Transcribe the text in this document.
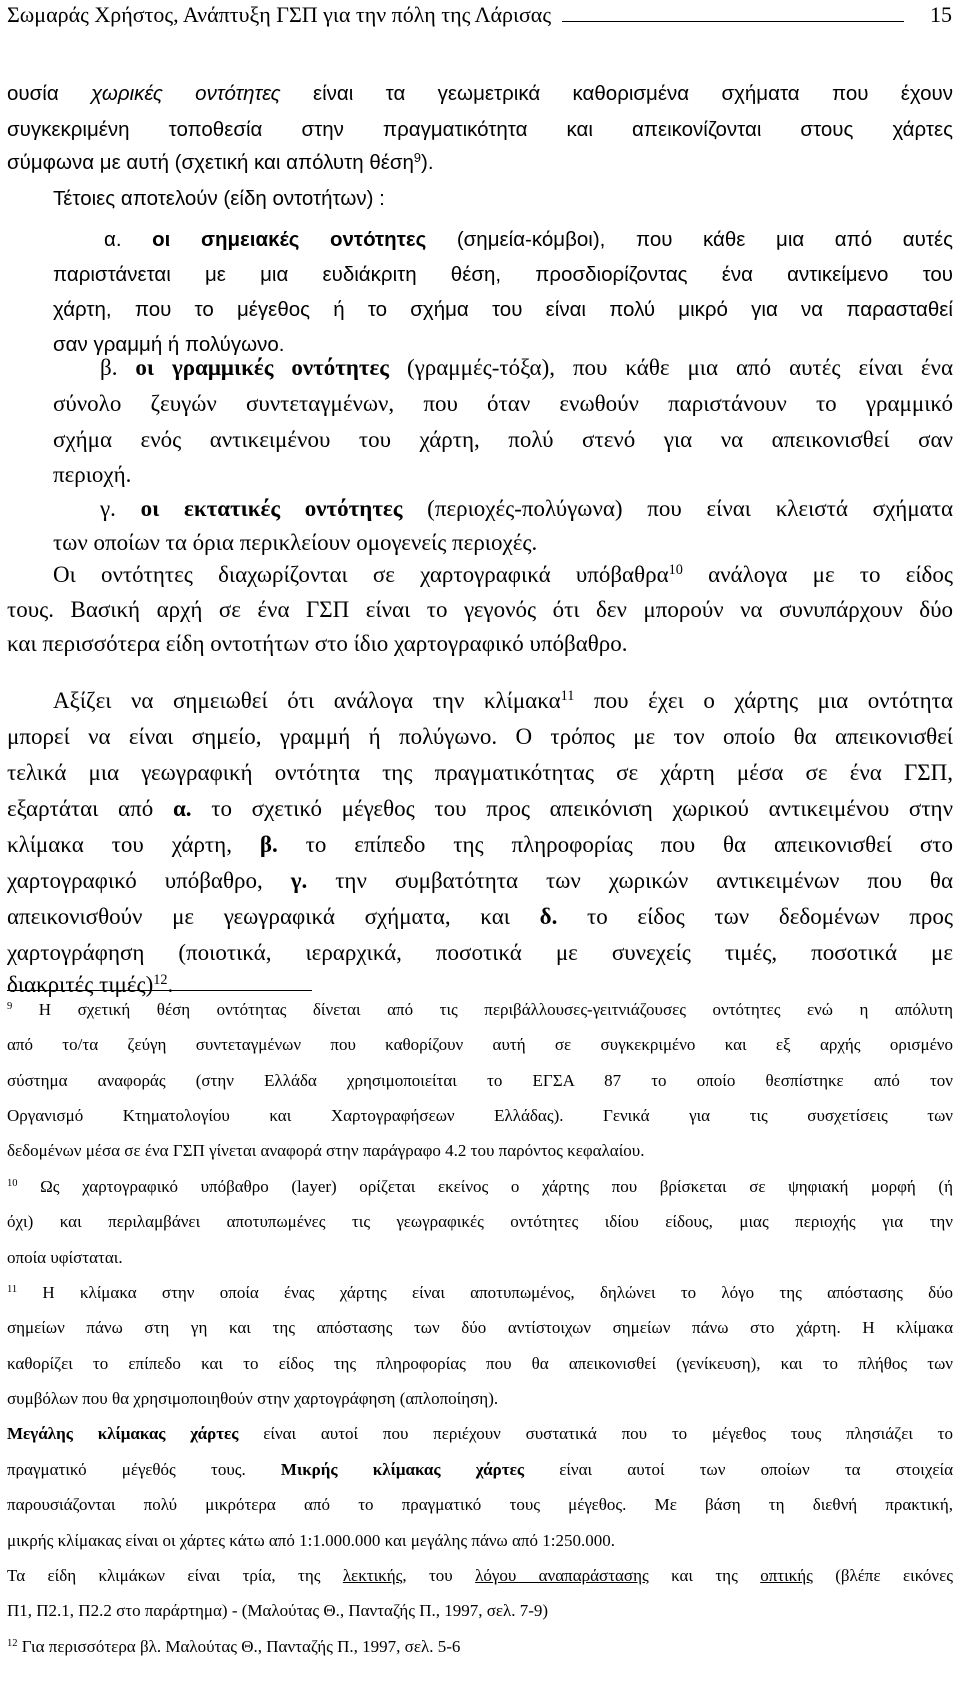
Σωμαράς Χρήστος, Ανάπτυξη ΓΣΠ για την πόλη της Λάρισας	15
ουσία χωρικές οντότητες είναι τα γεωμετρικά καθορισμένα σχήματα που έχουν
συγκεκριμένη τοποθεσία στην πραγματικότητα και απεικονίζονται στους χάρτες
σύμφωνα με αυτή (σχετική και απόλυτη θέση$^9$).
Τέτοιες αποτελούν (είδη οντοτήτων) :
α. οι σημειακές οντότητες (σημεία-κόμβοι), που κάθε μια από αυτές
παριστάνεται με μια ευδιάκριτη θέση, προσδιορίζοντας ένα αντικείμενο του
χάρτη, που το μέγεθος ή το σχήμα του είναι πολύ μικρό για να παρασταθεί
σαν γραμμή ή πολύγωνο.
β. οι γραμμικές οντότητες (γραμμές-τόξα), που κάθε μια από αυτές είναι ένα
σύνολο ζευγών συντεταγμένων, που όταν ενωθούν παριστάνουν το γραμμικό
σχήμα ενός αντικειμένου του χάρτη, πολύ στενό για να απεικονισθεί σαν
περιοχή.
γ. οι εκτατικές οντότητες (περιοχές-πολύγωνα) που είναι κλειστά σχήματα
των οποίων τα όρια περικλείουν ομογενείς περιοχές.
Οι οντότητες διαχωρίζονται σε χαρτογραφικά υπόβαθρα$^{10}$ ανάλογα με το είδος
τους. Βασική αρχή σε ένα ΓΣΠ είναι το γεγονός ότι δεν μπορούν να συνυπάρχουν δύο
και περισσότερα είδη οντοτήτων στο ίδιο χαρτογραφικό υπόβαθρο.
Αξίζει να σημειωθεί ότι ανάλογα την κλίμακα$^{11}$ που έχει ο χάρτης μια οντότητα
μπορεί να είναι σημείο, γραμμή ή πολύγωνο. Ο τρόπος με τον οποίο θα απεικονισθεί
τελικά μια γεωγραφική οντότητα της πραγματικότητας σε χάρτη μέσα σε ένα ΓΣΠ,
εξαρτάται από α. το σχετικό μέγεθος του προς απεικόνιση χωρικού αντικειμένου στην
κλίμακα του χάρτη, β. το επίπεδο της πληροφορίας που θα απεικονισθεί στο
χαρτογραφικό υπόβαθρο, γ. την συμβατότητα των χωρικών αντικειμένων που θα
απεικονισθούν με γεωγραφικά σχήματα, και δ. το είδος των δεδομένων προς
χαρτογράφηση (ποιοτικά, ιεραρχικά, ποσοτικά με συνεχείς τιμές, ποσοτικά με
διακριτές τιμές)$^{12}$.
$^9$ Η σχετική θέση οντότητας δίνεται από τις περιβάλλουσες-γειτνιάζουσες οντότητες ενώ η απόλυτη
από το/τα ζεύγη συντεταγμένων που καθορίζουν αυτή σε συγκεκριμένο και εξ αρχής ορισμένο
σύστημα αναφοράς (στην Ελλάδα χρησιμοποιείται το ΕΓΣΑ 87 το οποίο θεσπίστηκε από τον
Οργανισμό Κτηματολογίου και Χαρτογραφήσεων Ελλάδας). Γενικά για τις συσχετίσεις των
δεδομένων μέσα σε ένα ΓΣΠ γίνεται αναφορά στην παράγραφο 4.2 του παρόντος κεφαλαίου.
$^{10}$ Ως χαρτογραφικό υπόβαθρο (layer) ορίζεται εκείνος ο χάρτης που βρίσκεται σε ψηφιακή μορφή (ή
όχι) και περιλαμβάνει αποτυπωμένες τις γεωγραφικές οντότητες ιδίου είδους, μιας περιοχής για την
οποία υφίσταται.
$^{11}$ Η κλίμακα στην οποία ένας χάρτης είναι αποτυπωμένος, δηλώνει το λόγο της απόστασης δύο
σημείων πάνω στη γη και της απόστασης των δύο αντίστοιχων σημείων πάνω στο χάρτη. Η κλίμακα
καθορίζει το επίπεδο και το είδος της πληροφορίας που θα απεικονισθεί (γενίκευση), και το πλήθος των
συμβόλων που θα χρησιμοποιηθούν στην χαρτογράφηση (απλοποίηση).
Μεγάλης κλίμακας χάρτες είναι αυτοί που περιέχουν συστατικά που το μέγεθος τους πλησιάζει το
πραγματικό μέγεθός τους. Μικρής κλίμακας χάρτες είναι αυτοί των οποίων τα στοιχεία
παρουσιάζονται πολύ μικρότερα από το πραγματικό τους μέγεθος. Με βάση τη διεθνή πρακτική,
μικρής κλίμακας είναι οι χάρτες κάτω από 1:1.000.000 και μεγάλης πάνω από 1:250.000.
Τα είδη κλιμάκων είναι τρία, της λεκτικής, του λόγου αναπαράστασης και της οπτικής (βλέπε εικόνες
Π1, Π2.1, Π2.2 στο παράρτημα) - (Μαλούτας Θ., Πανταζής Π., 1997, σελ. 7-9)
$^{12}$ Για περισσότερα βλ. Μαλούτας Θ., Πανταζής Π., 1997, σελ. 5-6
